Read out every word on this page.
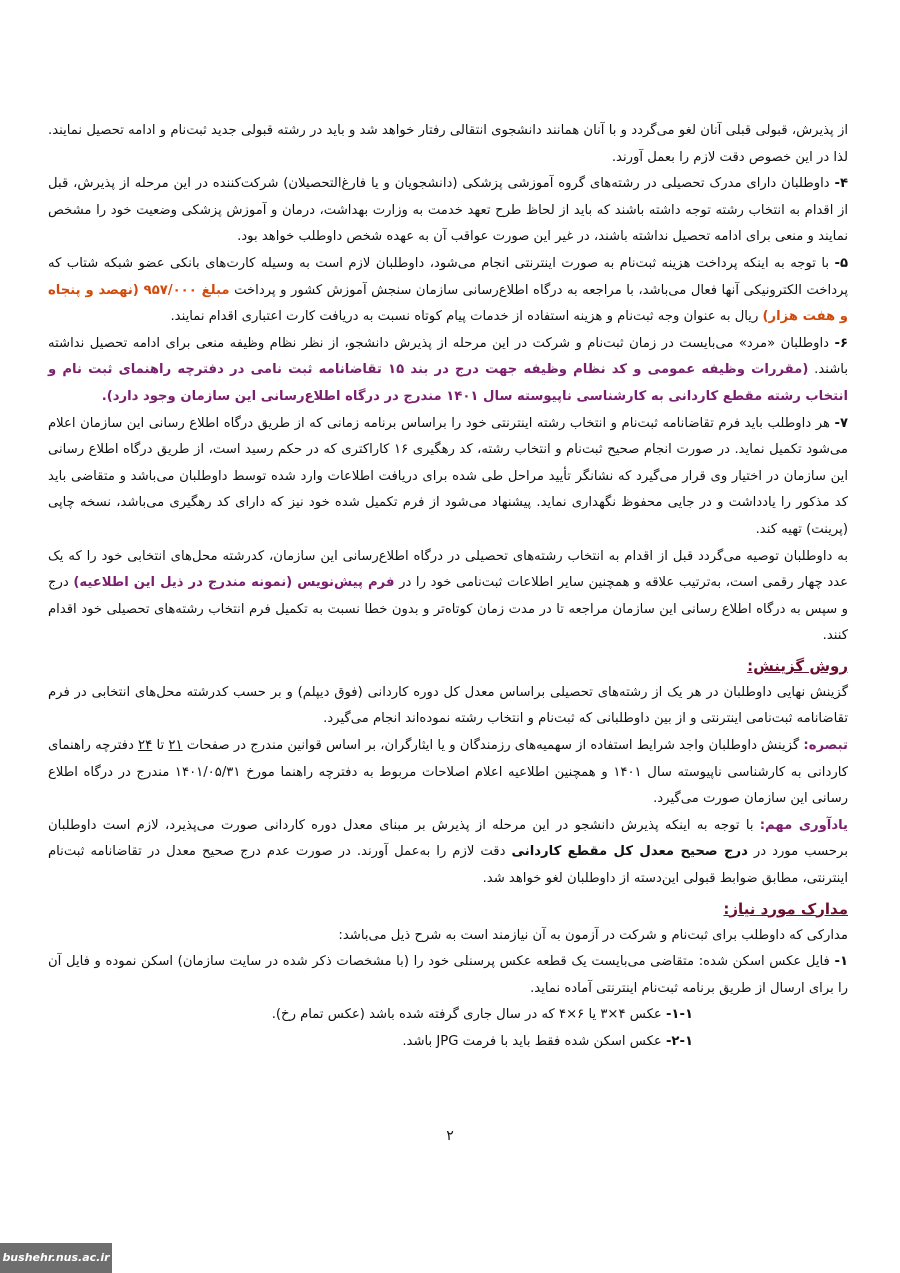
از پذیرش، قبولی قبلی آنان لغو می‌گردد و با آنان همانند دانشجوی انتقالی رفتار خواهد شد و باید در رشته قبولی جدید ثبت‌نام و ادامه تحصیل نمایند. لذا در این خصوص دقت لازم را بعمل آورند.

۴- داوطلبان دارای مدرک تحصیلی در رشته‌های گروه آموزشی پزشکی (دانشجویان و یا فارغ‌التحصیلان) شرکت‌کننده در این مرحله از پذیرش، قبل از اقدام به انتخاب رشته توجه داشته باشند که باید از لحاظ طرح تعهد خدمت به وزارت بهداشت، درمان و آموزش پزشکی وضعیت خود را مشخص نمایند و منعی برای ادامه تحصیل نداشته باشند، در غیر این صورت عواقب آن به عهده شخص داوطلب خواهد بود.

۵- با توجه به اینکه پرداخت هزینه ثبت‌نام به صورت اینترنتی انجام می‌شود، داوطلبان لازم است به وسیله کارت‌های بانکی عضو شبکه شتاب که پرداخت الکترونیکی آنها فعال می‌باشد، با مراجعه به درگاه اطلاع‌رسانی سازمان سنجش آموزش کشور و پرداخت مبلغ ۹۵۷/۰۰۰ (نهصد و پنجاه و هفت هزار) ریال به عنوان وجه ثبت‌نام و هزینه استفاده از خدمات پیام کوتاه نسبت به دریافت کارت اعتباری اقدام نمایند.

۶- داوطلبان «مرد» می‌بایست در زمان ثبت‌نام و شرکت در این مرحله از پذیرش دانشجو، از نظر نظام وظیفه منعی برای ادامه تحصیل نداشته باشند. (مقررات وظیفه عمومی و کد نظام وظیفه جهت درج در بند ۱۵ تقاضانامه ثبت نامی در دفترچه راهنمای ثبت نام و انتخاب رشته مقطع کاردانی به کارشناسی ناپیوسته سال ۱۴۰۱ مندرج در درگاه اطلاع‌رسانی این سازمان وجود دارد).

۷- هر داوطلب باید فرم تقاضانامه ثبت‌نام و انتخاب رشته اینترنتی خود را براساس برنامه زمانی که از طریق درگاه اطلاع رسانی این سازمان اعلام می‌شود تکمیل نماید. در صورت انجام صحیح ثبت‌نام و انتخاب رشته، کد رهگیری ۱۶ کاراکتری که در حکم رسید است، از طریق درگاه اطلاع رسانی این سازمان در اختیار وی قرار می‌گیرد که نشانگر تأیید مراحل طی شده برای دریافت اطلاعات وارد شده توسط داوطلبان می‌باشد و متقاضی باید کد مذکور را یادداشت و در جایی محفوظ نگهداری نماید. پیشنهاد می‌شود از فرم تکمیل شده خود نیز که دارای کد رهگیری می‌باشد، نسخه چاپی (پرینت) تهیه کند.

به داوطلبان توصیه می‌گردد قبل از اقدام به انتخاب رشته‌های تحصیلی در درگاه اطلاع‌رسانی این سازمان، کدرشته محل‌های انتخابی خود را که یک عدد چهار رقمی است، به‌ترتیب علاقه و همچنین سایر اطلاعات ثبت‌نامی خود را در فرم پیش‌نویس (نمونه مندرج در ذیل این اطلاعیه) درج و سپس به درگاه اطلاع رسانی این سازمان مراجعه تا در مدت زمان کوتاه‌تر و بدون خطا نسبت به تکمیل فرم انتخاب رشته‌های تحصیلی خود اقدام کنند.

روش گزینش:

گزینش نهایی داوطلبان در هر یک از رشته‌های تحصیلی براساس معدل کل دوره کاردانی (فوق دیپلم) و بر حسب کدرشته محل‌های انتخابی در فرم تقاضانامه ثبت‌نامی اینترنتی و از بین داوطلبانی که ثبت‌نام و انتخاب رشته نموده‌اند انجام می‌گیرد.

تبصره: گزینش داوطلبان واجد شرایط استفاده از سهمیه‌های رزمندگان و یا ایثارگران، بر اساس قوانین مندرج در صفحات ۲۱ تا ۲۴ دفترچه راهنمای کاردانی به کارشناسی ناپیوسته سال ۱۴۰۱ و همچنین اطلاعیه اعلام اصلاحات مربوط به دفترچه راهنما مورخ ۱۴۰۱/۰۵/۳۱ مندرج در درگاه اطلاع رسانی این سازمان صورت می‌گیرد.

یادآوری مهم: با توجه به اینکه پذیرش دانشجو در این مرحله از پذیرش بر مبنای معدل دوره کاردانی صورت می‌پذیرد، لازم است داوطلبان برحسب مورد در درج صحیح معدل کل مقطع کاردانی دقت لازم را به‌عمل آورند. در صورت عدم درج صحیح معدل در تقاضانامه ثبت‌نام اینترنتی، مطابق ضوابط قبولی این‌دسته از داوطلبان لغو خواهد شد.

مدارک مورد نیاز:

مدارکی که داوطلب برای ثبت‌نام و شرکت در آزمون به آن نیازمند است به شرح ذیل می‌باشد:

۱- فایل عکس اسکن شده: متقاضی می‌بایست یک قطعه عکس پرسنلی خود را (با مشخصات ذکر شده در سایت سازمان) اسکن نموده و فایل آن را برای ارسال از طریق برنامه ثبت‌نام اینترنتی آماده نماید.

۱-۱- عکس ۴×۳ یا ۶×۴ که در سال جاری گرفته شده باشد (عکس تمام رخ).

۲-۱- عکس اسکن شده فقط باید با فرمت JPG باشد.

۲
bushehr.nus.ac.ir
